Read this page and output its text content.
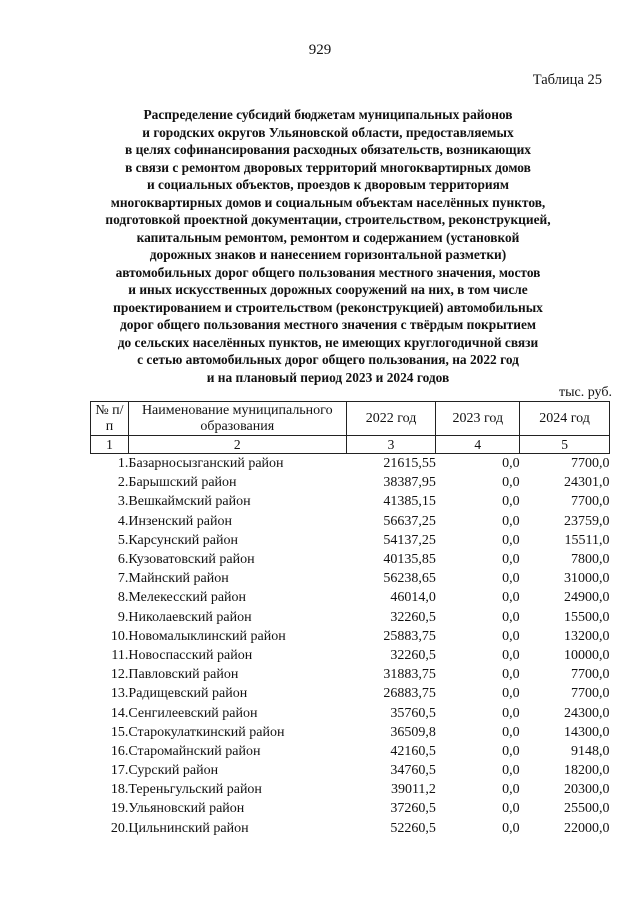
929
Таблица 25
Распределение субсидий бюджетам муниципальных районов
и городских округов Ульяновской области, предоставляемых
в целях софинансирования расходных обязательств, возникающих
в связи с ремонтом дворовых территорий многоквартирных домов
и социальных объектов, проездов к дворовым территориям
многоквартирных домов и социальным объектам населённых пунктов,
подготовкой проектной документации, строительством, реконструкцией,
капитальным ремонтом, ремонтом и содержанием (установкой
дорожных знаков и нанесением горизонтальной разметки)
автомобильных дорог общего пользования местного значения, мостов
и иных искусственных дорожных сооружений на них, в том числе
проектированием и строительством (реконструкцией) автомобильных
дорог общего пользования местного значения с твёрдым покрытием
до сельских населённых пунктов, не имеющих круглогодичной связи
с сетью автомобильных дорог общего пользования, на 2022 год
и на плановый период 2023 и 2024 годов
тыс. руб.
№ п/п	Наименование муниципального образования	2022 год	2023 год	2024 год
1	2	3	4	5
1.	Базарносызганский район	21615,55	0,0	7700,0
2.	Барышский район	38387,95	0,0	24301,0
3.	Вешкаймский район	41385,15	0,0	7700,0
4.	Инзенский район	56637,25	0,0	23759,0
5.	Карсунский район	54137,25	0,0	15511,0
6.	Кузоватовский район	40135,85	0,0	7800,0
7.	Майнский район	56238,65	0,0	31000,0
8.	Мелекесский район	46014,0	0,0	24900,0
9.	Николаевский район	32260,5	0,0	15500,0
10.	Новомалыклинский район	25883,75	0,0	13200,0
11.	Новоспасский район	32260,5	0,0	10000,0
12.	Павловский район	31883,75	0,0	7700,0
13.	Радищевский район	26883,75	0,0	7700,0
14.	Сенгилеевский район	35760,5	0,0	24300,0
15.	Старокулаткинский район	36509,8	0,0	14300,0
16.	Старомайнский район	42160,5	0,0	9148,0
17.	Сурский район	34760,5	0,0	18200,0
18.	Тереньгульский район	39011,2	0,0	20300,0
19.	Ульяновский район	37260,5	0,0	25500,0
20.	Цильнинский район	52260,5	0,0	22000,0
